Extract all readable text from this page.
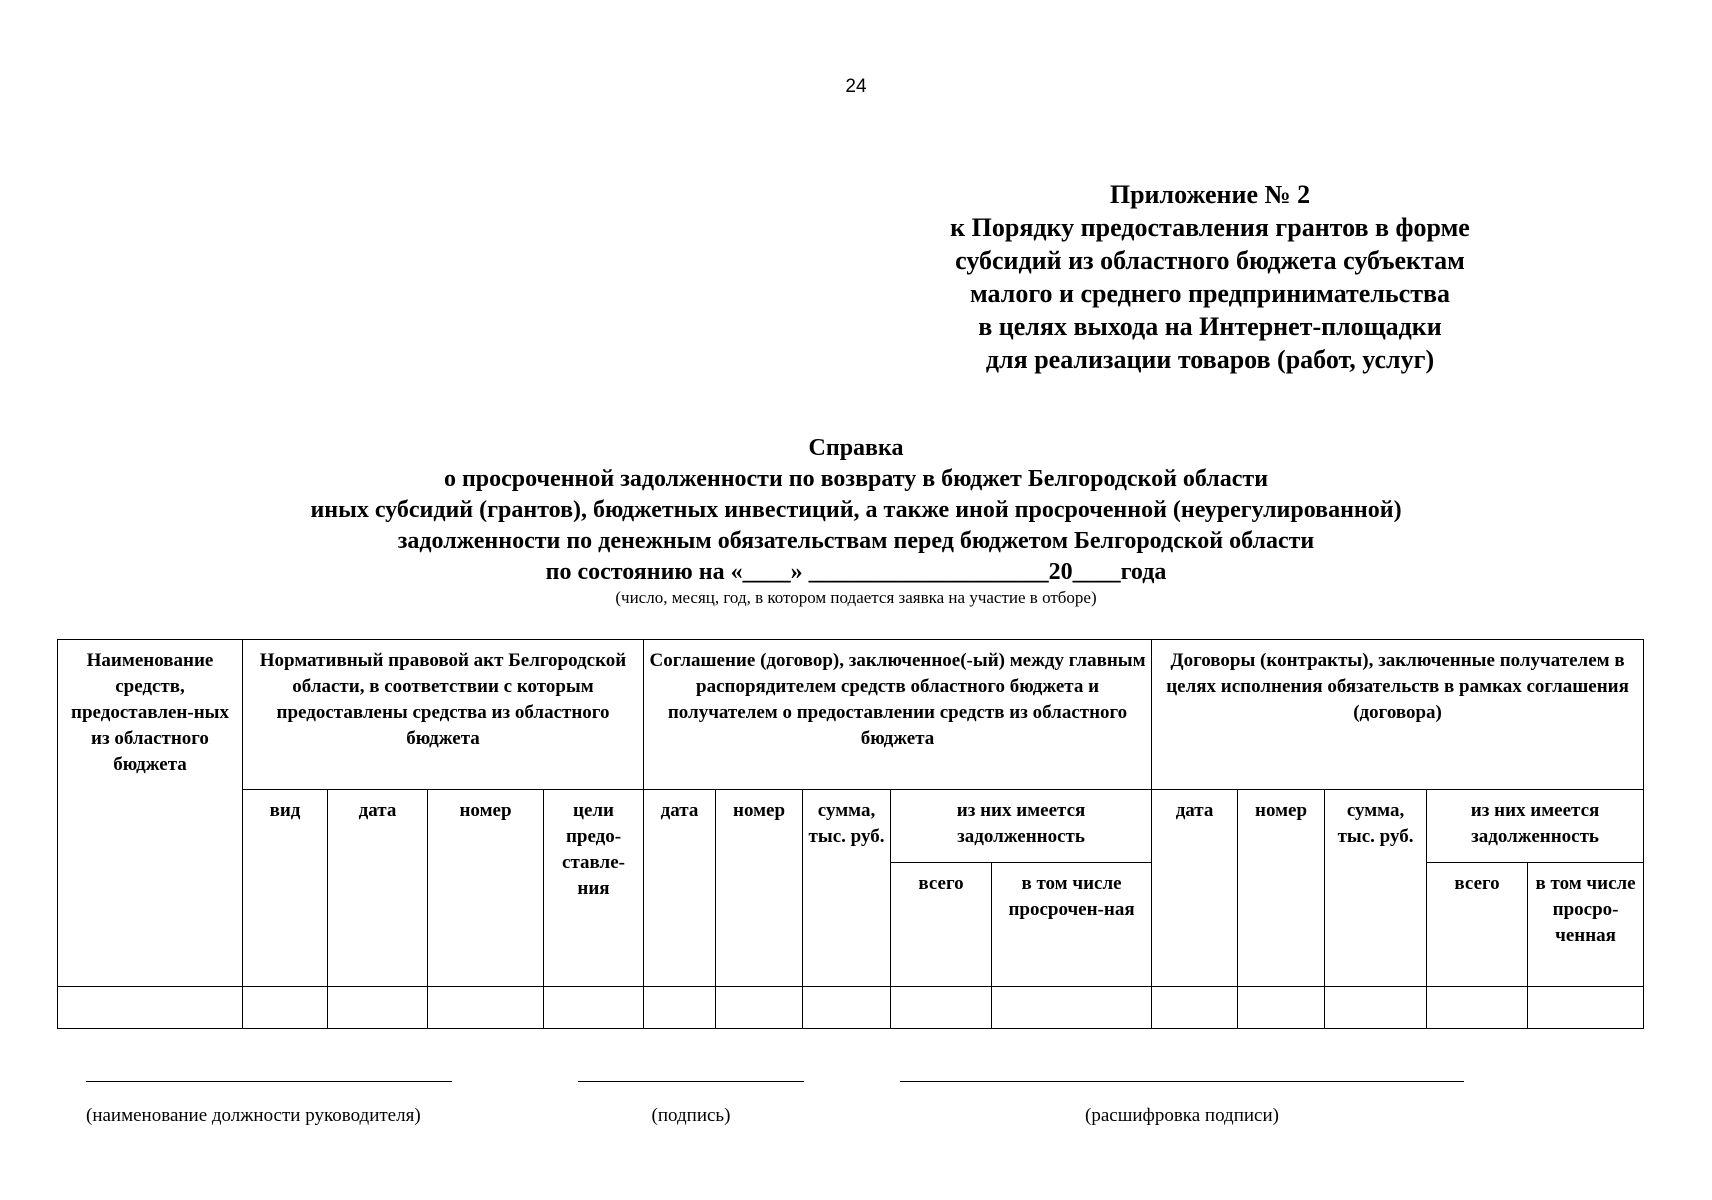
24
Приложение № 2
к Порядку предоставления грантов в форме
субсидий из областного бюджета субъектам
малого и среднего предпринимательства
в целях выхода на Интернет-площадки
для реализации товаров (работ, услуг)
Справка
о просроченной задолженности по возврату в бюджет Белгородской области
иных субсидий (грантов), бюджетных инвестиций, а также иной просроченной (неурегулированной)
задолженности по денежным обязательствам перед бюджетом Белгородской области
по состоянию на «____» ____________________20____года
(число, месяц, год, в котором подается заявка на участие в отборе)
Наименование средств, предоставлен-ных из областного бюджета	Нормативный правовой акт Белгородской области, в соответствии с которым предоставлены средства из областного бюджета				Соглашение (договор), заключенное(-ый) между главным распорядителем средств областного бюджета и получателем о предоставлении средств из областного бюджета					Договоры (контракты), заключенные получателем в целях исполнения обязательств в рамках соглашения (договора)				
	вид	дата	номер	цели предо-ставле-ния	дата	номер	сумма, тыс. руб.	из них имеется задолженность		дата	номер	сумма, тыс. руб.	из них имеется задолженность	
								всего	в том числе просрочен-ная				всего	в том числе просро-ченная

(наименование должности руководителя)	(подпись)	(расшифровка подписи)
